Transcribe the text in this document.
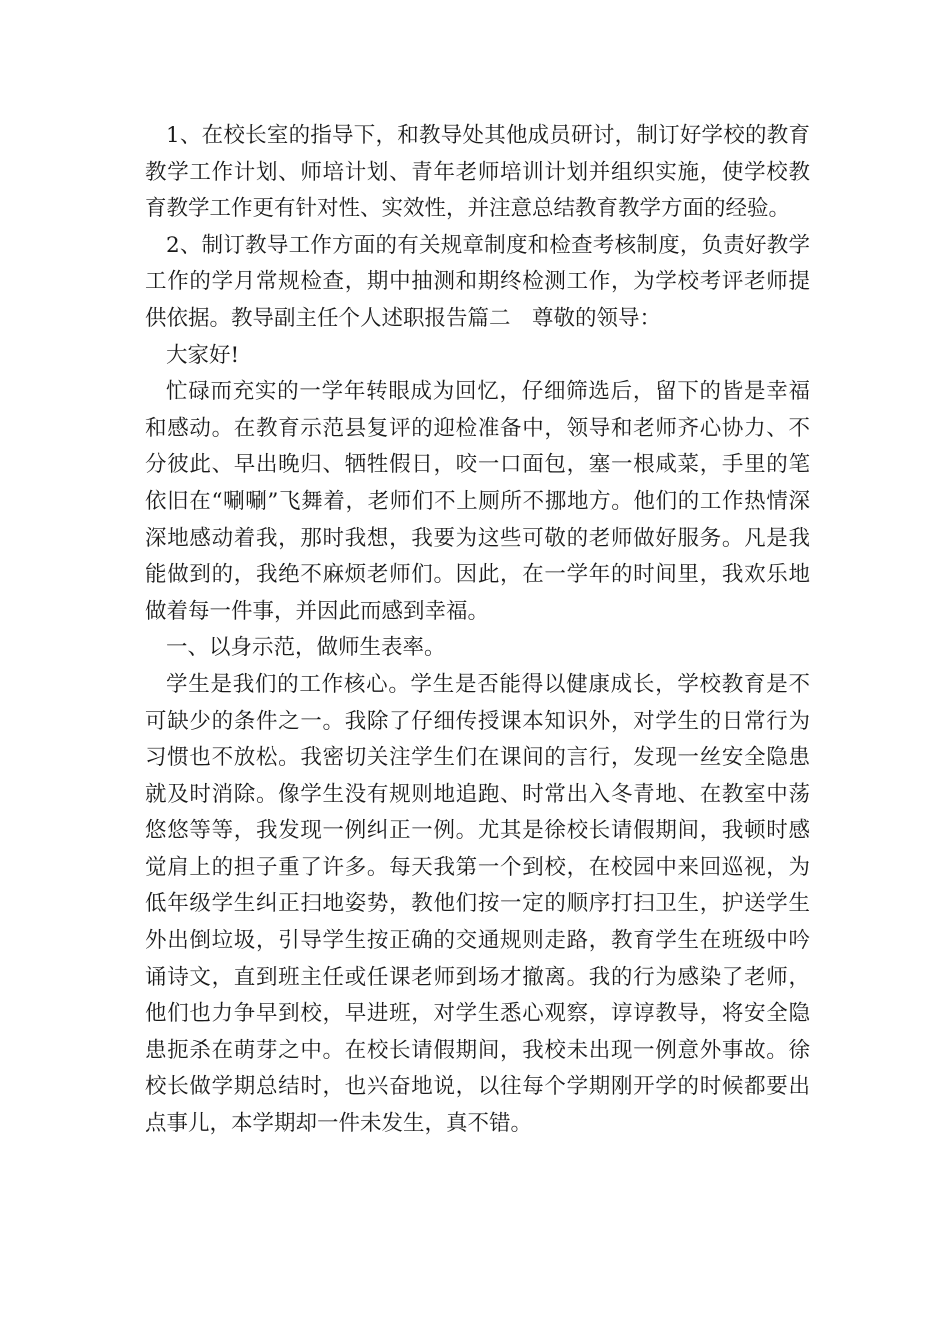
1、在校长室的指导下，和教导处其他成员研讨，制订好学校的教育教学工作计划、师培计划、青年老师培训计划并组织实施，使学校教育教学工作更有针对性、实效性，并注意总结教育教学方面的经验。

2、制订教导工作方面的有关规章制度和检查考核制度，负责好教学工作的学月常规检查，期中抽测和期终检测工作，为学校考评老师提供依据。教导副主任个人述职报告篇二　尊敬的领导：

大家好!

忙碌而充实的一学年转眼成为回忆，仔细筛选后，留下的皆是幸福和感动。在教育示范县复评的迎检准备中，领导和老师齐心协力、不分彼此、早出晚归、牺牲假日，咬一口面包，塞一根咸菜，手里的笔依旧在“唰唰”飞舞着，老师们不上厕所不挪地方。他们的工作热情深深地感动着我，那时我想，我要为这些可敬的老师做好服务。凡是我能做到的，我绝不麻烦老师们。因此，在一学年的时间里，我欢乐地做着每一件事，并因此而感到幸福。

一、以身示范，做师生表率。

学生是我们的工作核心。学生是否能得以健康成长，学校教育是不可缺少的条件之一。我除了仔细传授课本知识外，对学生的日常行为习惯也不放松。我密切关注学生们在课间的言行，发现一丝安全隐患就及时消除。像学生没有规则地追跑、时常出入冬青地、在教室中荡悠悠等等，我发现一例纠正一例。尤其是徐校长请假期间，我顿时感觉肩上的担子重了许多。每天我第一个到校，在校园中来回巡视，为低年级学生纠正扫地姿势，教他们按一定的顺序打扫卫生，护送学生外出倒垃圾，引导学生按正确的交通规则走路，教育学生在班级中吟诵诗文，直到班主任或任课老师到场才撤离。我的行为感染了老师，他们也力争早到校，早进班，对学生悉心观察，谆谆教导，将安全隐患扼杀在萌芽之中。在校长请假期间，我校未出现一例意外事故。徐校长做学期总结时，也兴奋地说，以往每个学期刚开学的时候都要出点事儿，本学期却一件未发生，真不错。
